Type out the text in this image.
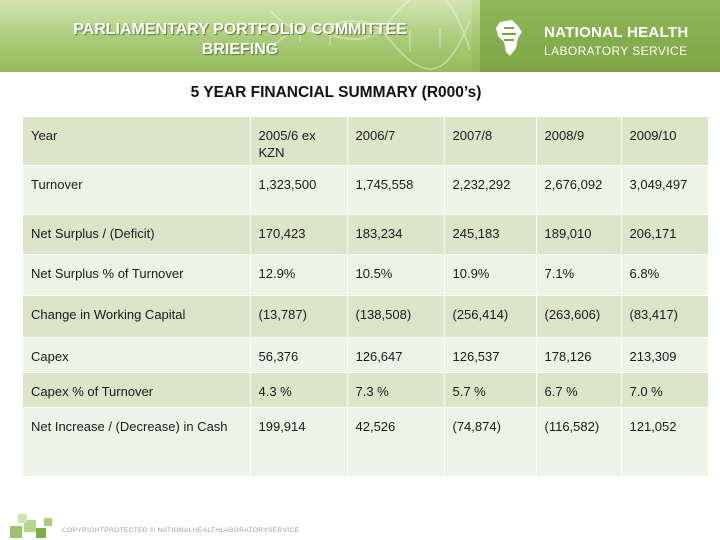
PARLIAMENTARY PORTFOLIO COMMITTEE
BRIEFING
NATIONAL HEALTH
LABORATORY SERVICE
5 YEAR FINANCIAL SUMMARY (R000’s)
Year	2005/6 ex KZN	2006/7	2007/8	2008/9	2009/10
Turnover	1,323,500	1,745,558	2,232,292	2,676,092	3,049,497
Net Surplus / (Deficit)	170,423	183,234	245,183	189,010	206,171
Net Surplus % of Turnover	12.9%	10.5%	10.9%	7.1%	6.8%
Change in Working Capital	(13,787)	(138,508)	(256,414)	(263,606)	(83,417)
Capex	56,376	126,647	126,537	178,126	213,309
Capex % of Turnover	4.3 %	7.3 %	5.7 %	6.7 %	7.0 %
Net Increase / (Decrease) in Cash	199,914	42,526	(74,874)	(116,582)	121,052
COPYRIGHTPROTECTED © NATIONALHEALTHLABORATORYSERVICE
